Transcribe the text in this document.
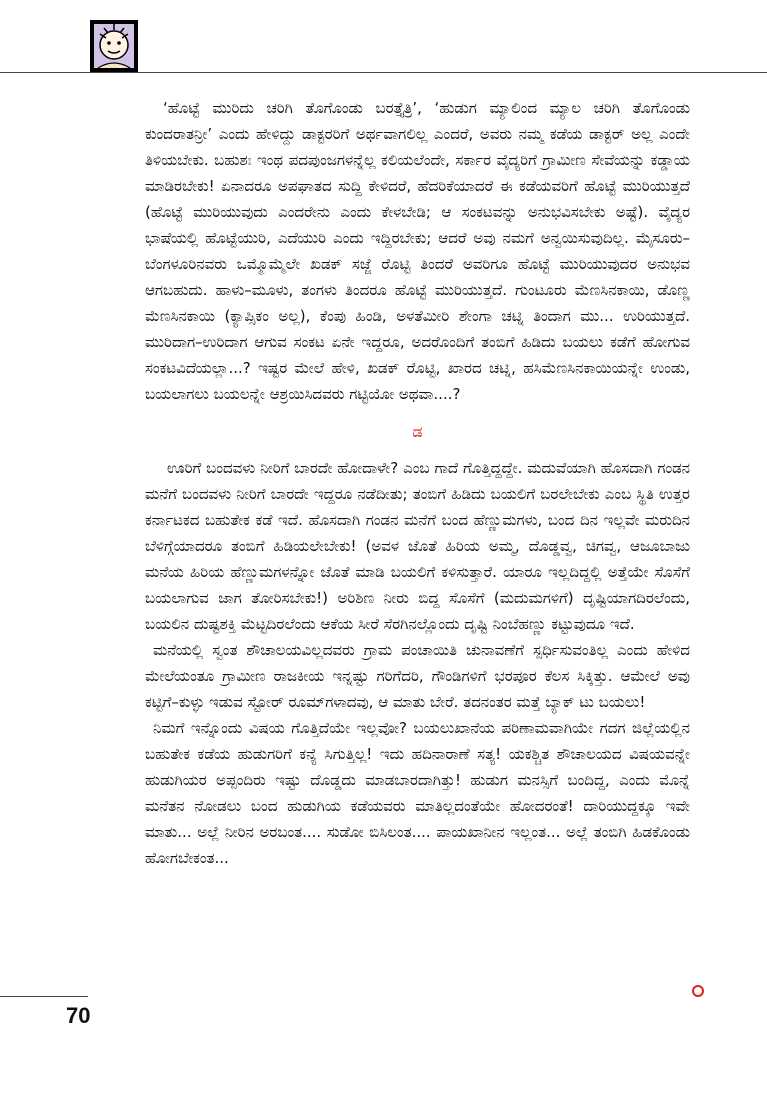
‘ಹೊಟ್ಟೆ ಮುರಿದು ಚರಿಗಿ ತೊಗೊಂಡು ಬರತ್ತೈತ್ರಿ’, ‘ಹುಡುಗ ಮ್ಯಾಲಿಂದ ಮ್ಯಾಲ ಚರಿಗಿ ತೊಗೊಂಡು ಕುಂದರಾತನ್ರೀ’ ಎಂದು ಹೇಳಿದ್ದು ಡಾಕ್ಟರರಿಗೆ ಅರ್ಥವಾಗಲಿಲ್ಲ ಎಂದರೆ, ಅವರು ನಮ್ಮ ಕಡೆಯ ಡಾಕ್ಟರ್ ಅಲ್ಲ ಎಂದೇ ತಿಳಿಯಬೇಕು. ಬಹುಶಃ ಇಂಥ ಪದಪುಂಜಗಳನ್ನೆಲ್ಲ ಕಲಿಯಲೆಂದೇ, ಸರ್ಕಾರ ವೈದ್ಯರಿಗೆ ಗ್ರಾಮೀಣ ಸೇವೆಯನ್ನು ಕಡ್ಡಾಯ ಮಾಡಿರಬೇಕು! ಏನಾದರೂ ಅಪಘಾತದ ಸುದ್ದಿ ಕೇಳಿದರೆ, ಹೆದರಿಕೆಯಾದರೆ ಈ ಕಡೆಯವರಿಗೆ ಹೊಟ್ಟೆ ಮುರಿಯುತ್ತದೆ (ಹೊಟ್ಟೆ ಮುರಿಯುವುದು ಎಂದರೇನು ಎಂದು ಕೇಳಬೇಡಿ; ಆ ಸಂಕಟವನ್ನು ಅನುಭವಿಸಬೇಕು ಅಷ್ಟೆ). ವೈದ್ಯರ ಭಾಷೆಯಲ್ಲಿ ಹೊಟ್ಟೆಯುರಿ, ಎದೆಯುರಿ ಎಂದು ಇದ್ದಿರಬೇಕು; ಆದರೆ ಅವು ನಮಗೆ ಅನ್ವಯಿಸುವುದಿಲ್ಲ. ಮೈಸೂರು–ಬೆಂಗಳೂರಿನವರು ಒಮ್ಮೊಮ್ಮೆಲೇ ಖಡಕ್ ಸಜ್ಜೆ ರೊಟ್ಟಿ ತಿಂದರೆ ಅವರಿಗೂ ಹೊಟ್ಟೆ ಮುರಿಯುವುದರ ಅನುಭವ ಆಗಬಹುದು. ಹಾಳು–ಮೂಳು, ತಂಗಳು ತಿಂದರೂ ಹೊಟ್ಟೆ ಮುರಿಯುತ್ತದೆ. ಗುಂಟೂರು ಮೆಣಸಿನಕಾಯಿ, ಡೊಣ್ಣ ಮೆಣಸಿನಕಾಯಿ (ಕ್ಯಾಪ್ಸಿಕಂ ಅಲ್ಲ), ಕೆಂಪು ಹಿಂಡಿ, ಅಳತೆಮೀರಿ ಶೇಂಗಾ ಚಟ್ನಿ ತಿಂದಾಗ ಮು... ಉರಿಯುತ್ತದೆ. ಮುರಿದಾಗ–ಉರಿದಾಗ ಆಗುವ ಸಂಕಟ ಏನೇ ಇದ್ದರೂ, ಅದರೊಂದಿಗೆ ತಂಬಿಗೆ ಹಿಡಿದು ಬಯಲು ಕಡೆಗೆ ಹೋಗುವ ಸಂಕಟವಿದೆಯಲ್ಲಾ...? ಇಷ್ಟರ ಮೇಲೆ ಹೇಳಿ, ಖಡಕ್ ರೊಟ್ಟಿ, ಖಾರದ ಚಟ್ನಿ, ಹಸಿಮೆಣಸಿನಕಾಯಿಯನ್ನೇ ಉಂಡು, ಬಯಲಾಗಲು ಬಯಲನ್ನೇ ಆಶ್ರಯಿಸಿದವರು ಗಟ್ಟಿಯೋ ಅಥವಾ....?

ಡ

ಊರಿಗೆ ಬಂದವಳು ನೀರಿಗೆ ಬಾರದೇ ಹೋದಾಳೇ? ಎಂಬ ಗಾದೆ ಗೊತ್ತಿದ್ದದ್ದೇ. ಮದುವೆಯಾಗಿ ಹೊಸದಾಗಿ ಗಂಡನ ಮನೆಗೆ ಬಂದವಳು ನೀರಿಗೆ ಬಾರದೇ ಇದ್ದರೂ ನಡೆದೀತು; ತಂಬಿಗೆ ಹಿಡಿದು ಬಯಲಿಗೆ ಬರಲೇಬೇಕು ಎಂಬ ಸ್ಥಿತಿ ಉತ್ತರ ಕರ್ನಾಟಕದ ಬಹುತೇಕ ಕಡೆ ಇದೆ. ಹೊಸದಾಗಿ ಗಂಡನ ಮನೆಗೆ ಬಂದ ಹೆಣ್ಣುಮಗಳು, ಬಂದ ದಿನ ಇಲ್ಲವೇ ಮರುದಿನ ಬೆಳಿಗ್ಗೆಯಾದರೂ ತಂಬಿಗೆ ಹಿಡಿಯಲೇಬೇಕು! (ಅವಳ ಜೊತೆ ಹಿರಿಯ ಅಮ್ಮ, ದೊಡ್ಡವ್ವ, ಚಿಗವ್ವ, ಆಜೂಬಾಜು ಮನೆಯ ಹಿರಿಯ ಹೆಣ್ಣುಮಗಳನ್ನೋ ಜೊತೆ ಮಾಡಿ ಬಯಲಿಗೆ ಕಳಿಸುತ್ತಾರೆ. ಯಾರೂ ಇಲ್ಲದಿದ್ದಲ್ಲಿ ಅತ್ತೆಯೇ ಸೊಸೆಗೆ ಬಯಲಾಗುವ ಜಾಗ ತೋರಿಸಬೇಕು!) ಅರಿಶಿಣ ನೀರು ಬಿದ್ದ ಸೊಸೆಗೆ (ಮದುಮಗಳಿಗೆ) ದೃಷ್ಟಿಯಾಗದಿರಲೆಂದು, ಬಯಲಿನ ದುಷ್ಟಶಕ್ತಿ ಮೆಟ್ಟದಿರಲೆಂದು ಆಕೆಯ ಸೀರೆ ಸೆರಗಿನಲ್ಲೊಂದು ದೃಷ್ಟಿ ನಿಂಬೆಹಣ್ಣು ಕಟ್ಟುವುದೂ ಇದೆ.

ಮನೆಯಲ್ಲಿ ಸ್ವಂತ ಶೌಚಾಲಯವಿಲ್ಲದವರು ಗ್ರಾಮ ಪಂಚಾಯಿತಿ ಚುನಾವಣೆಗೆ ಸ್ಪರ್ಧಿಸುವಂತಿಲ್ಲ ಎಂದು ಹೇಳಿದ ಮೇಲೆಯಂತೂ ಗ್ರಾಮೀಣ ರಾಜಕೀಯ ಇನ್ನಷ್ಟು ಗರಿಗೆದರಿ, ಗೌಂಡಿಗಳಿಗೆ ಭರಪೂರ ಕೆಲಸ ಸಿಕ್ಕಿತ್ತು. ಆಮೇಲೆ ಅವು ಕಟ್ಟಿಗೆ–ಕುಳ್ಳು ಇಡುವ ಸ್ಟೋರ್ ರೂಮ್‌ಗಳಾದವು, ಆ ಮಾತು ಬೇರೆ. ತದನಂತರ ಮತ್ತೆ ಬ್ಯಾಕ್ ಟು ಬಯಲು!

ನಿಮಗೆ ಇನ್ನೊಂದು ವಿಷಯ ಗೊತ್ತಿದೆಯೇ ಇಲ್ಲವೋ? ಬಯಲುಖಾನೆಯ ಪರಿಣಾಮವಾಗಿಯೇ ಗದಗ ಜಿಲ್ಲೆಯಲ್ಲಿನ ಬಹುತೇಕ ಕಡೆಯ ಹುಡುಗರಿಗೆ ಕನ್ಯೆ ಸಿಗುತ್ತಿಲ್ಲ! ಇದು ಹದಿನಾರಾಣೆ ಸತ್ಯ! ಯಕಶ್ಚಿತ ಶೌಚಾಲಯದ ವಿಷಯವನ್ನೇ ಹುಡುಗಿಯರ ಅಪ್ಪಂದಿರು ಇಷ್ಟು ದೊಡ್ಡದು ಮಾಡಬಾರದಾಗಿತ್ತು! ಹುಡುಗ ಮನಸ್ಸಿಗೆ ಬಂದಿದ್ದ, ಎಂದು ಮೊನ್ನೆ ಮನೆತನ ನೋಡಲು ಬಂದ ಹುಡುಗಿಯ ಕಡೆಯವರು ಮಾತಿಲ್ಲದಂತೆಯೇ ಹೋದರಂತೆ! ದಾರಿಯುದ್ದಕ್ಕೂ ಇವೇ ಮಾತು... ಅಲ್ಲೆ ನೀರಿನ ಅರಬಂತ.... ಸುಡೋ ಬಿಸಿಲಂತ.... ಪಾಯಖಾನೀನ ಇಲ್ಲಂತ... ಅಲ್ಲೆ ತಂಬಿಗಿ ಹಿಡಕೊಂಡು ಹೋಗಬೇಕಂತ...

70
